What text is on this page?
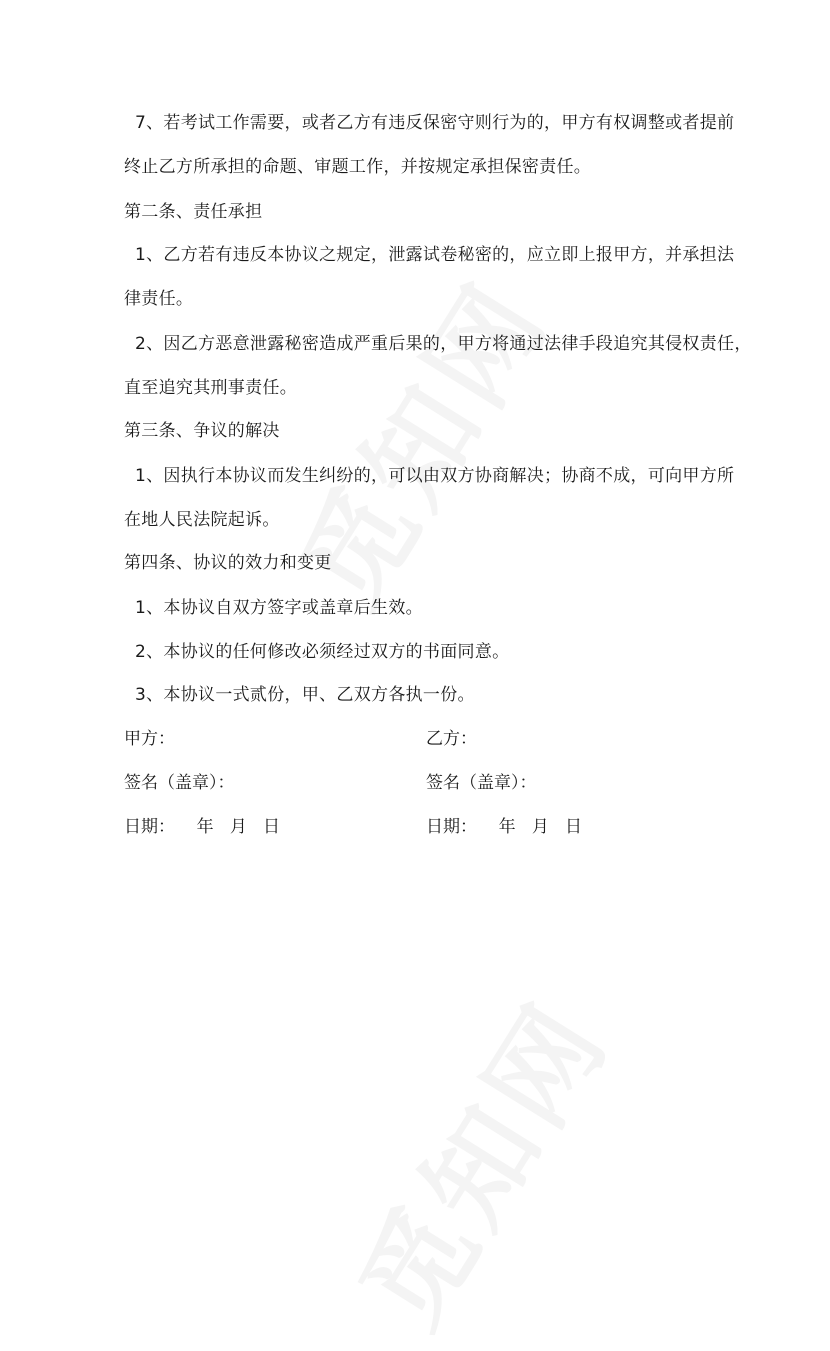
7、若考试工作需要，或者乙方有违反保密守则行为的，甲方有权调整或者提前
终止乙方所承担的命题、审题工作，并按规定承担保密责任。
第二条、责任承担
1、乙方若有违反本协议之规定，泄露试卷秘密的，应立即上报甲方，并承担法
律责任。
2、因乙方恶意泄露秘密造成严重后果的，甲方将通过法律手段追究其侵权责任，
直至追究其刑事责任。
第三条、争议的解决
1、因执行本协议而发生纠纷的，可以由双方协商解决；协商不成，可向甲方所
在地人民法院起诉。
第四条、协议的效力和变更
1、本协议自双方签字或盖章后生效。
2、本协议的任何修改必须经过双方的书面同意。
3、本协议一式贰份，甲、乙双方各执一份。
甲方：	乙方：
签名（盖章）：	签名（盖章）：
日期：    年   月   日	日期：    年   月   日
